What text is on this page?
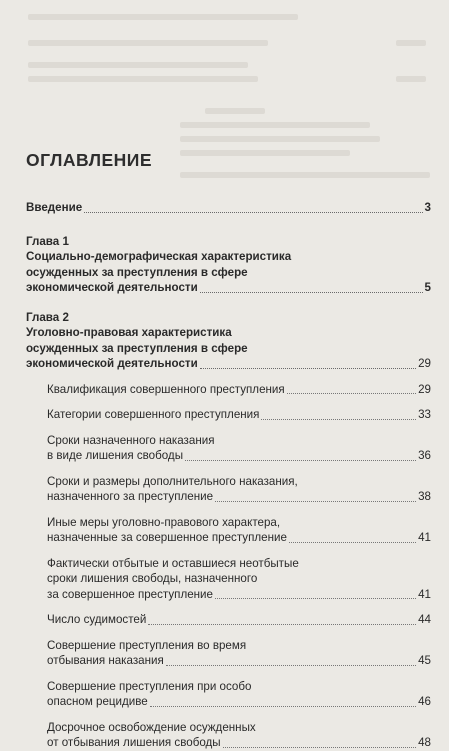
ОГЛАВЛЕНИЕ
Введение	3
Глава 1
Социально-демографическая характеристика
осужденных за преступления в сфере
экономической деятельности	5
Глава 2
Уголовно-правовая характеристика
осужденных за преступления в сфере
экономической деятельности	29
Квалификация совершенного преступления	29
Категории совершенного преступления	33
Сроки назначенного наказания
в виде лишения свободы	36
Сроки и размеры дополнительного наказания,
назначенного за преступление	38
Иные меры уголовно-правового характера,
назначенные за совершенное преступление	41
Фактически отбытые и оставшиеся неотбытые
сроки лишения свободы, назначенного
за совершенное преступление	41
Число судимостей	44
Совершение преступления во время
отбывания наказания	45
Совершение преступления при особо
опасном рецидиве	46
Досрочное освобождение осужденных
от отбывания лишения свободы	48
